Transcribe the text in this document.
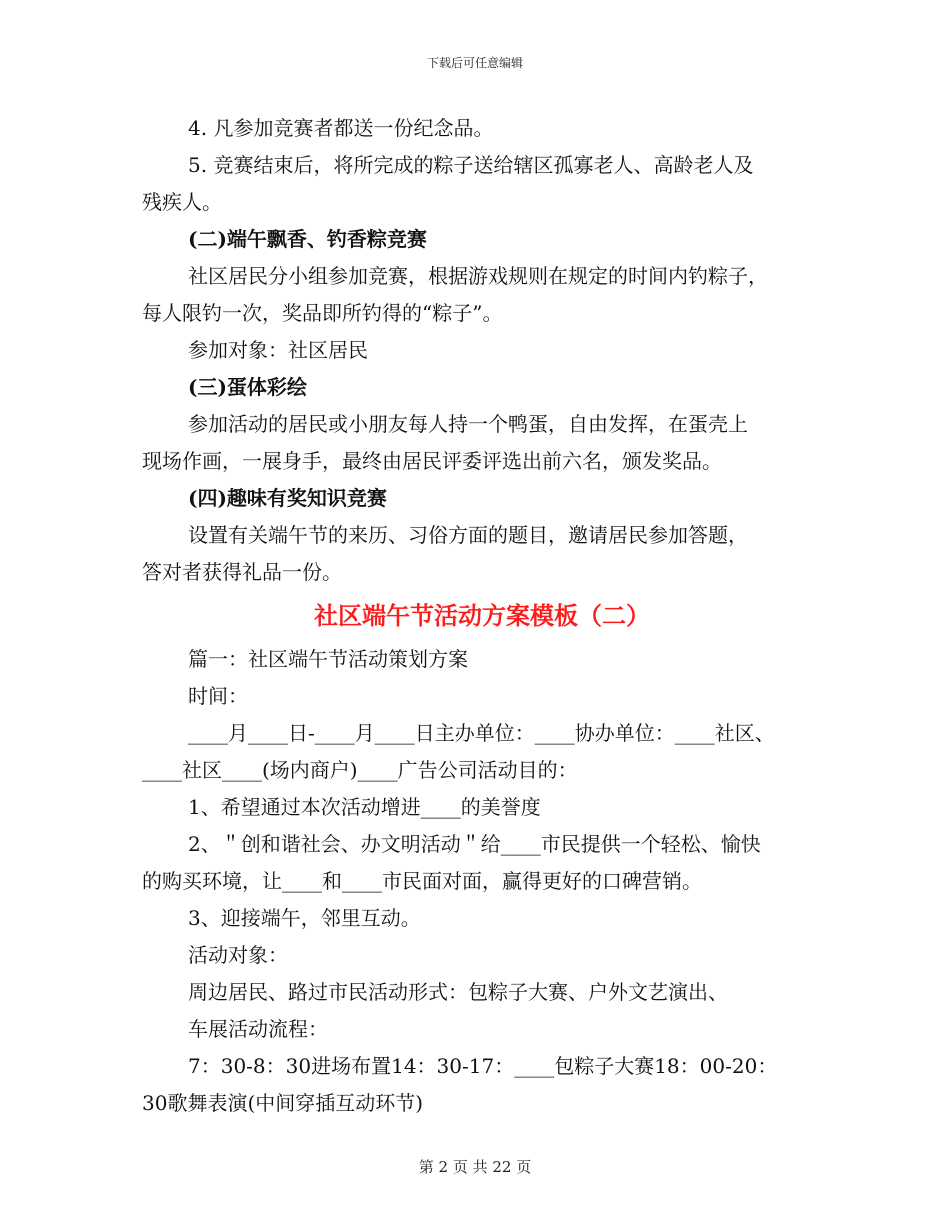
下载后可任意编辑
4. 凡参加竞赛者都送一份纪念品。
5. 竞赛结束后，将所完成的粽子送给辖区孤寡老人、高龄老人及
残疾人。
(二)端午飘香、钓香粽竞赛
社区居民分小组参加竞赛，根据游戏规则在规定的时间内钓粽子，
每人限钓一次，奖品即所钓得的“粽子”。
参加对象：社区居民
(三)蛋体彩绘
参加活动的居民或小朋友每人持一个鸭蛋，自由发挥，在蛋壳上
现场作画，一展身手，最终由居民评委评选出前六名，颁发奖品。
(四)趣味有奖知识竞赛
设置有关端午节的来历、习俗方面的题目，邀请居民参加答题，
答对者获得礼品一份。
社区端午节活动方案模板（二）
篇一：社区端午节活动策划方案
时间：
____月____日-____月____日主办单位：____协办单位：____社区、
____社区____(场内商户)____广告公司活动目的：
1、希望通过本次活动增进____的美誉度
2、＂创和谐社会、办文明活动＂给____市民提供一个轻松、愉快
的购买环境，让____和____市民面对面，赢得更好的口碑营销。
3、迎接端午，邻里互动。
活动对象：
周边居民、路过市民活动形式：包粽子大赛、户外文艺演出、
车展活动流程：
7：30-8：30进场布置14：30-17：____包粽子大赛18：00-20：
30歌舞表演(中间穿插互动环节)
第 2 页 共 22 页
